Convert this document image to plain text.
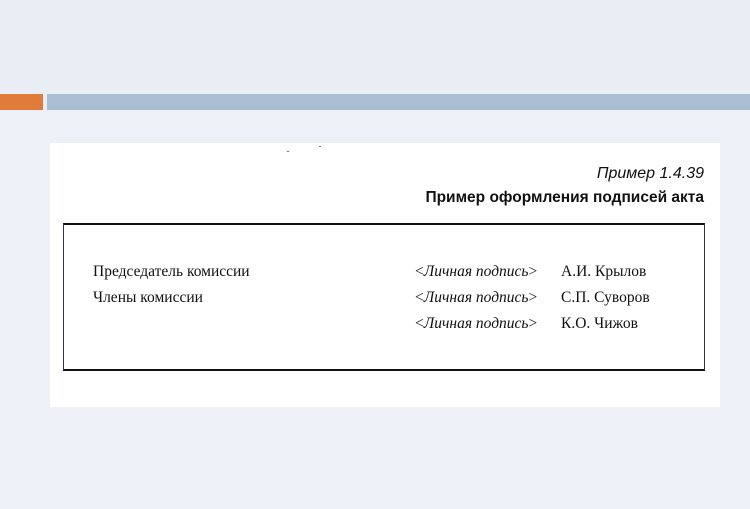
Пример 1.4.39
Пример оформления подписей акта
Председатель комиссии	<Личная подпись> А.И. Крылов
Члены комиссии	<Личная подпись> С.П. Суворов
<Личная подпись> К.О. Чижов
